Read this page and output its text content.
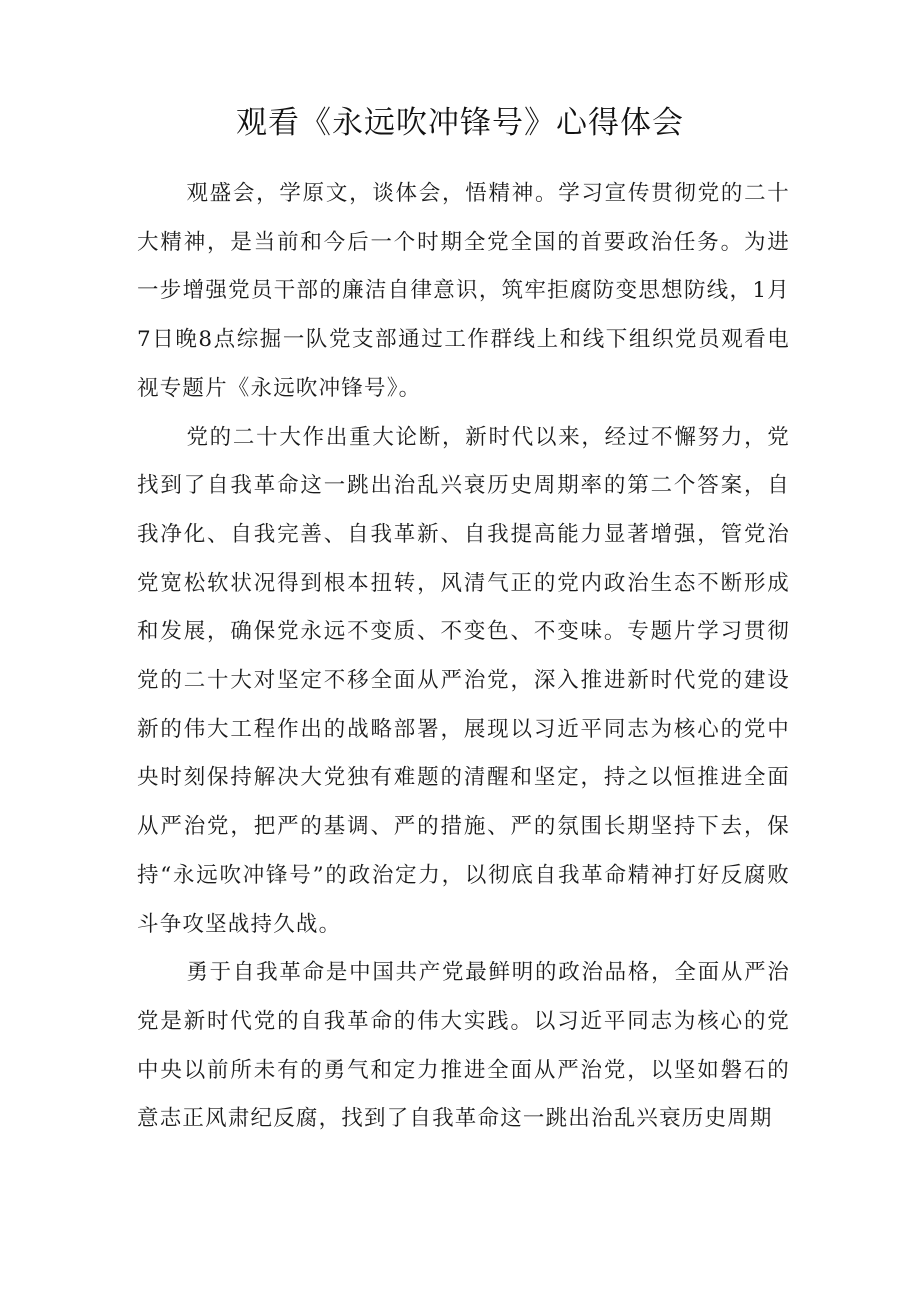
观看《永远吹冲锋号》心得体会

观盛会，学原文，谈体会，悟精神。学习宣传贯彻党的二十大精神，是当前和今后一个时期全党全国的首要政治任务。为进一步增强党员干部的廉洁自律意识，筑牢拒腐防变思想防线，1月7日晚8点综掘一队党支部通过工作群线上和线下组织党员观看电视专题片《永远吹冲锋号》。

党的二十大作出重大论断，新时代以来，经过不懈努力，党找到了自我革命这一跳出治乱兴衰历史周期率的第二个答案，自我净化、自我完善、自我革新、自我提高能力显著增强，管党治党宽松软状况得到根本扭转，风清气正的党内政治生态不断形成和发展，确保党永远不变质、不变色、不变味。专题片学习贯彻党的二十大对坚定不移全面从严治党，深入推进新时代党的建设新的伟大工程作出的战略部署，展现以习近平同志为核心的党中央时刻保持解决大党独有难题的清醒和坚定，持之以恒推进全面从严治党，把严的基调、严的措施、严的氛围长期坚持下去，保持“永远吹冲锋号”的政治定力，以彻底自我革命精神打好反腐败斗争攻坚战持久战。

勇于自我革命是中国共产党最鲜明的政治品格，全面从严治党是新时代党的自我革命的伟大实践。以习近平同志为核心的党中央以前所未有的勇气和定力推进全面从严治党，以坚如磐石的意志正风肃纪反腐，找到了自我革命这一跳出治乱兴衰历史周期
